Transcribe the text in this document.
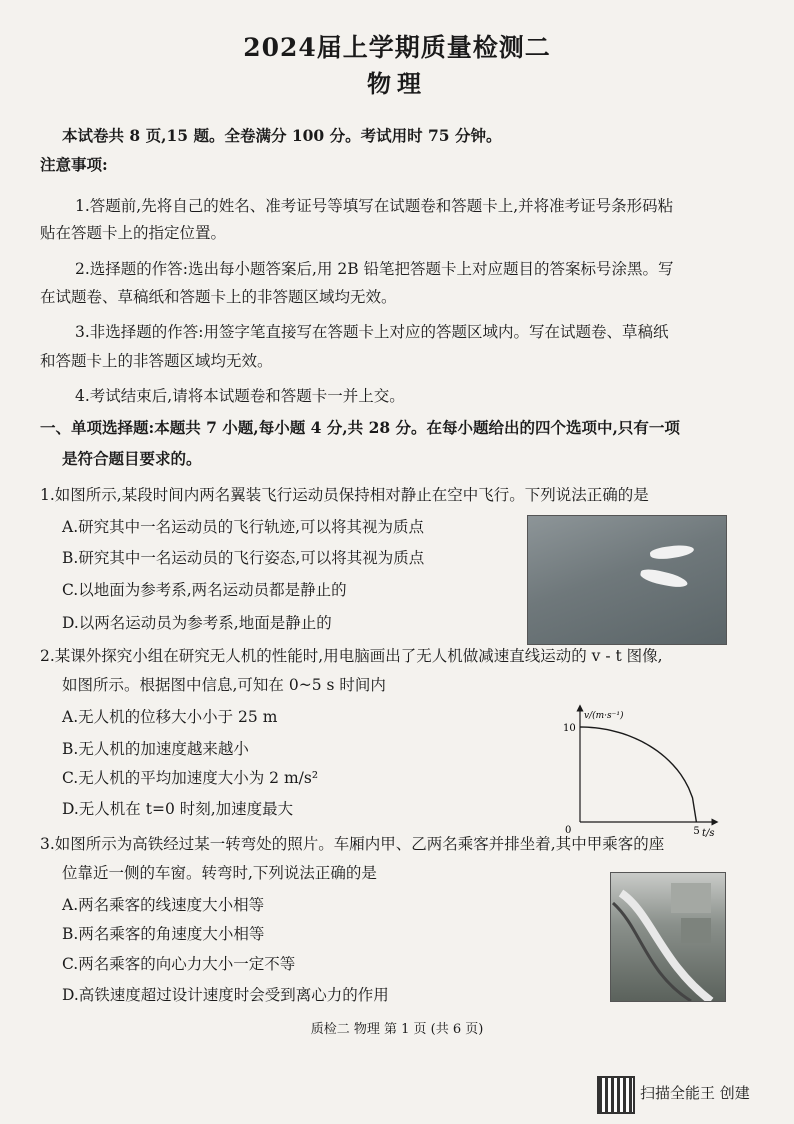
2024届上学期质量检测二
物理
本试卷共 8 页,15 题。全卷满分 100 分。考试用时 75 分钟。
注意事项:
1.答题前,先将自己的姓名、准考证号等填写在试题卷和答题卡上,并将准考证号条形码粘
贴在答题卡上的指定位置。
2.选择题的作答:选出每小题答案后,用 2B 铅笔把答题卡上对应题目的答案标号涂黑。写
在试题卷、草稿纸和答题卡上的非答题区域均无效。
3.非选择题的作答:用签字笔直接写在答题卡上对应的答题区域内。写在试题卷、草稿纸
和答题卡上的非答题区域均无效。
4.考试结束后,请将本试题卷和答题卡一并上交。
一、单项选择题:本题共 7 小题,每小题 4 分,共 28 分。在每小题给出的四个选项中,只有一项
是符合题目要求的。
1.如图所示,某段时间内两名翼装飞行运动员保持相对静止在空中飞行。下列说法正确的是
A.研究其中一名运动员的飞行轨迹,可以将其视为质点
B.研究其中一名运动员的飞行姿态,可以将其视为质点
C.以地面为参考系,两名运动员都是静止的
D.以两名运动员为参考系,地面是静止的
2.某课外探究小组在研究无人机的性能时,用电脑画出了无人机做减速直线运动的 v - t 图像,
如图所示。根据图中信息,可知在 0~5 s 时间内
A.无人机的位移大小小于 25 m
B.无人机的加速度越来越小
C.无人机的平均加速度大小为 2 m/s²
D.无人机在 t=0 时刻,加速度最大
v/(m·s⁻¹)
t/s
0
10
5
3.如图所示为高铁经过某一转弯处的照片。车厢内甲、乙两名乘客并排坐着,其中甲乘客的座
位靠近一侧的车窗。转弯时,下列说法正确的是
A.两名乘客的线速度大小相等
B.两名乘客的角速度大小相等
C.两名乘客的向心力大小一定不等
D.高铁速度超过设计速度时会受到离心力的作用
质检二 物理 第 1 页 (共 6 页)
扫描全能王 创建
